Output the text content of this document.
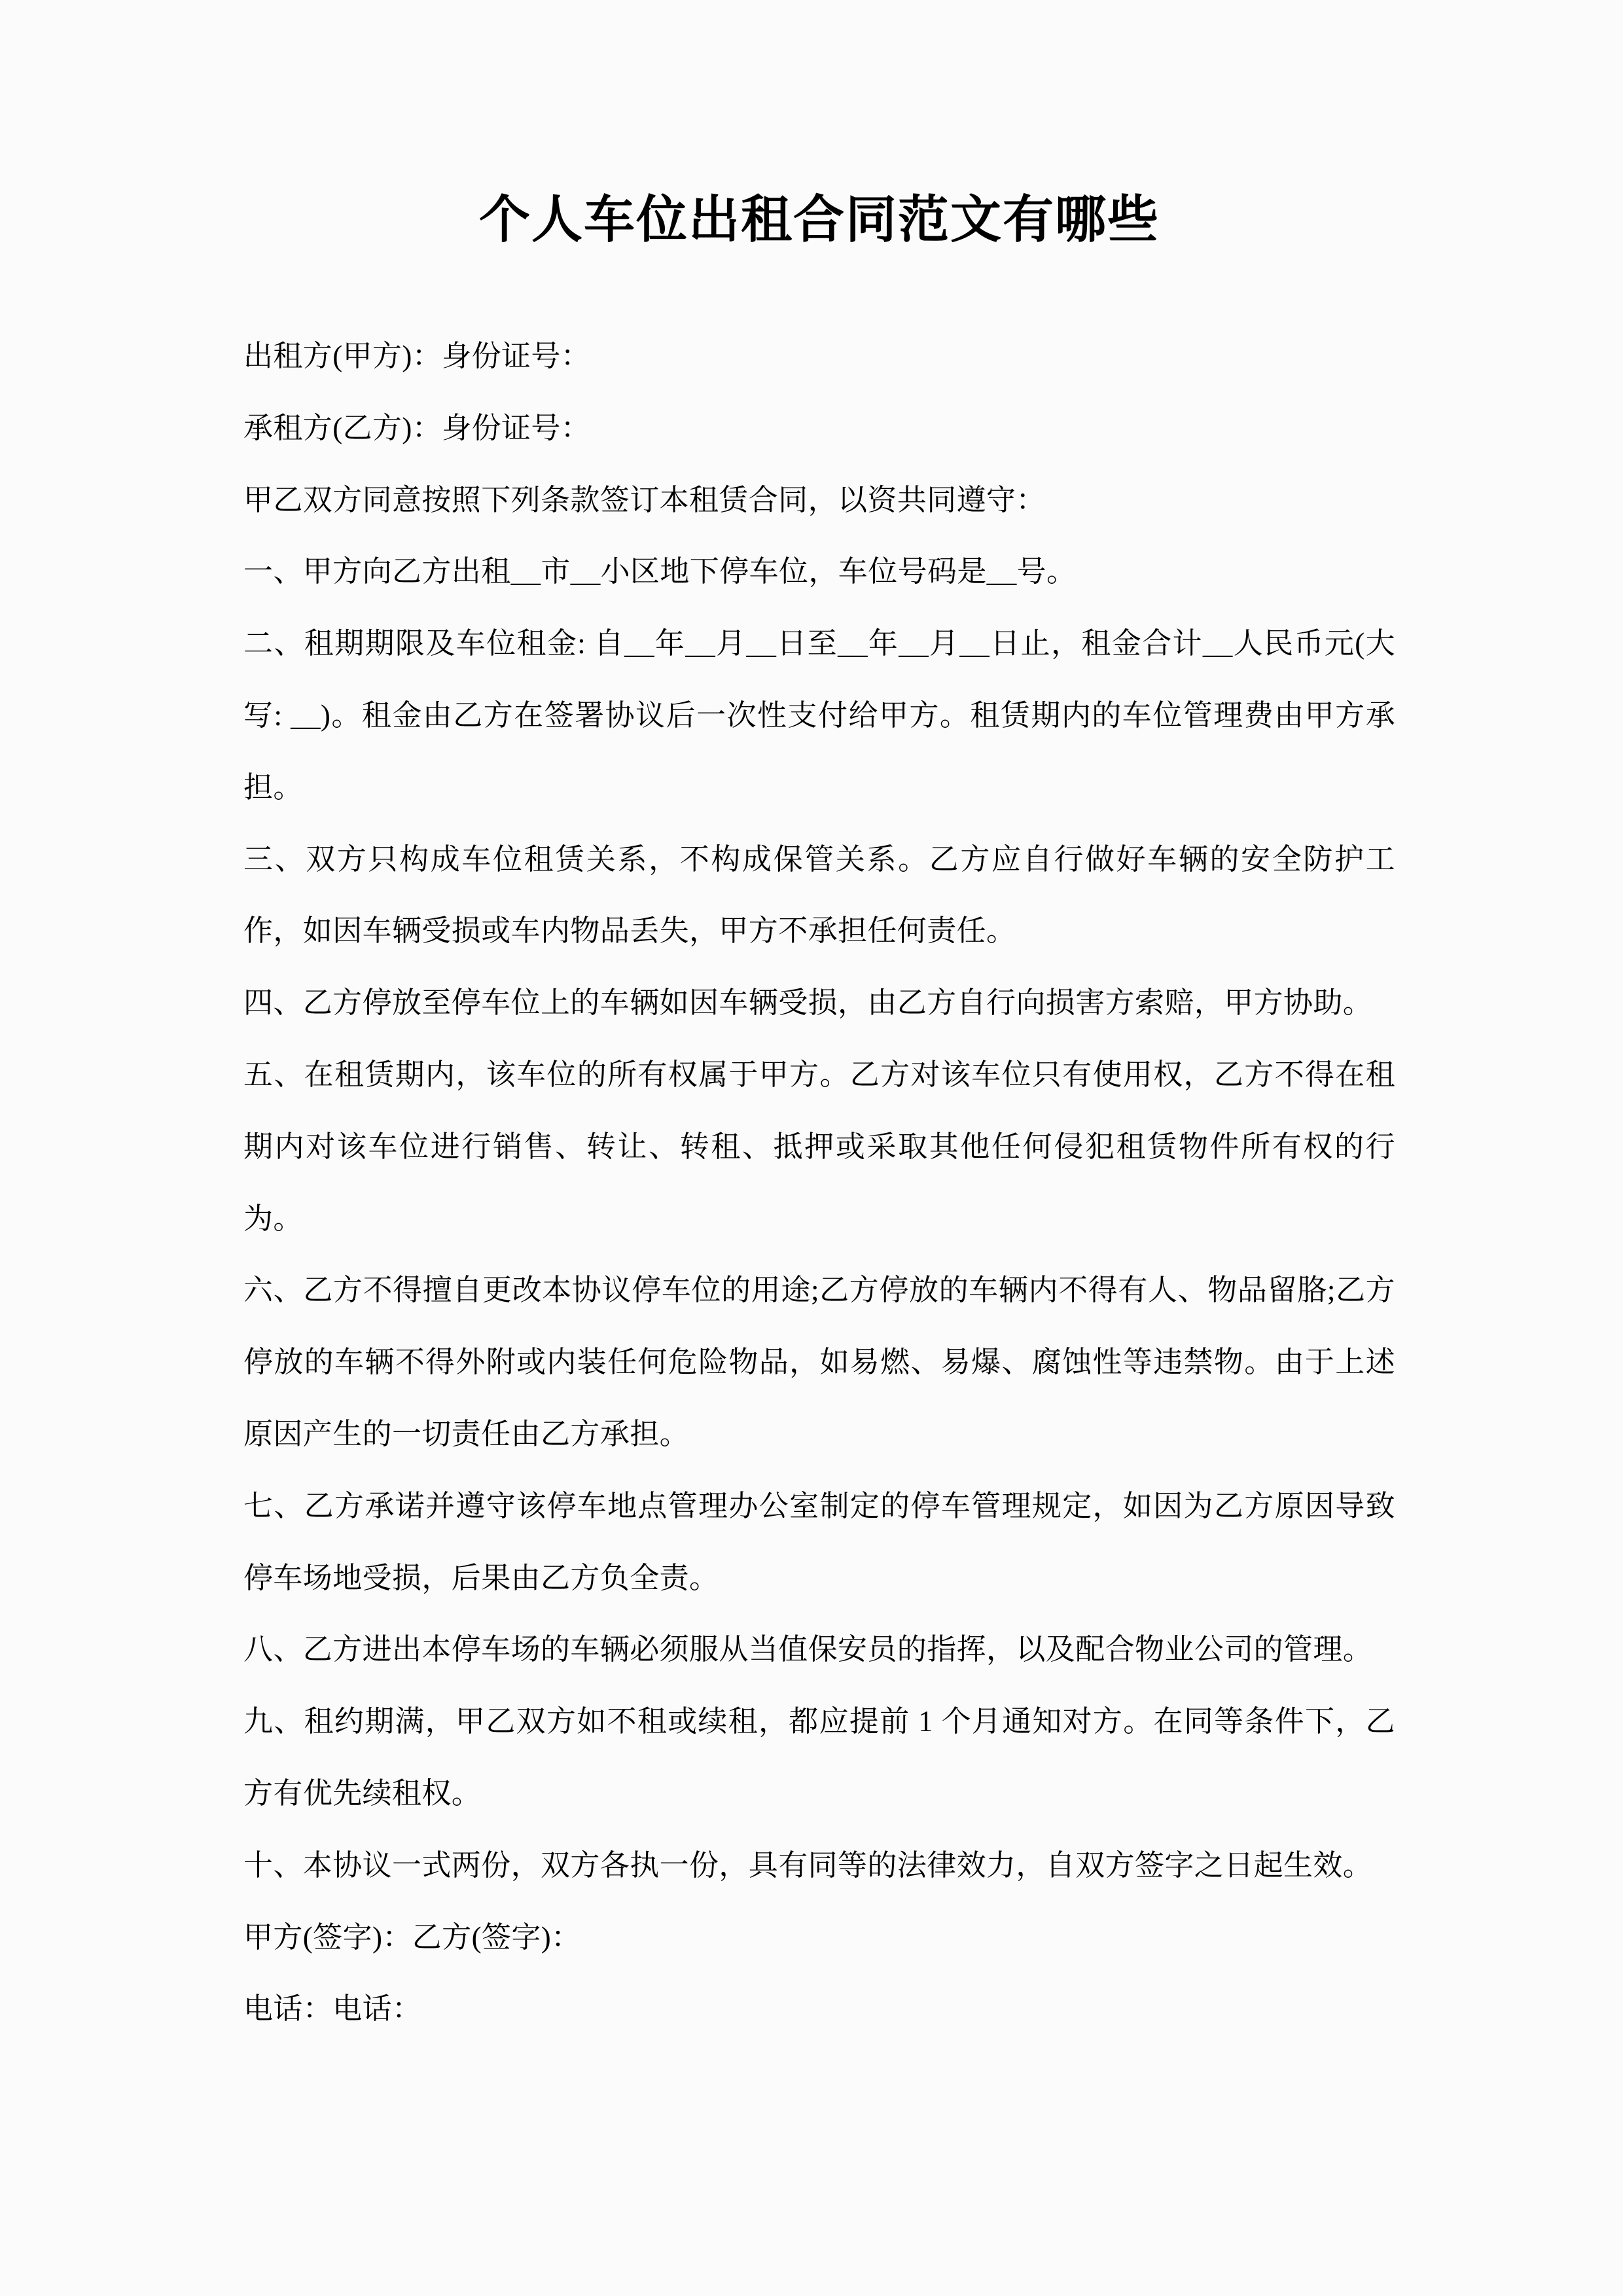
个人车位出租合同范文有哪些

出租方(甲方)：身份证号：

承租方(乙方)：身份证号：

甲乙双方同意按照下列条款签订本租赁合同，以资共同遵守：

一、甲方向乙方出租__市__小区地下停车位，车位号码是__号。

二、租期期限及车位租金: 自__年__月__日至__年__月__日止，租金合计__人民币元(大写: __)。租金由乙方在签署协议后一次性支付给甲方。租赁期内的车位管理费由甲方承担。

三、双方只构成车位租赁关系，不构成保管关系。乙方应自行做好车辆的安全防护工作，如因车辆受损或车内物品丢失，甲方不承担任何责任。

四、乙方停放至停车位上的车辆如因车辆受损，由乙方自行向损害方索赔，甲方协助。

五、在租赁期内，该车位的所有权属于甲方。乙方对该车位只有使用权，乙方不得在租期内对该车位进行销售、转让、转租、抵押或采取其他任何侵犯租赁物件所有权的行为。

六、乙方不得擅自更改本协议停车位的用途;乙方停放的车辆内不得有人、物品留胳;乙方停放的车辆不得外附或内装任何危险物品，如易燃、易爆、腐蚀性等违禁物。由于上述原因产生的一切责任由乙方承担。

七、乙方承诺并遵守该停车地点管理办公室制定的停车管理规定，如因为乙方原因导致停车场地受损，后果由乙方负全责。

八、乙方进出本停车场的车辆必须服从当值保安员的指挥，以及配合物业公司的管理。

九、租约期满，甲乙双方如不租或续租，都应提前 1 个月通知对方。在同等条件下，乙方有优先续租权。

十、本协议一式两份，双方各执一份，具有同等的法律效力，自双方签字之日起生效。

甲方(签字)：乙方(签字)：

电话：电话：
